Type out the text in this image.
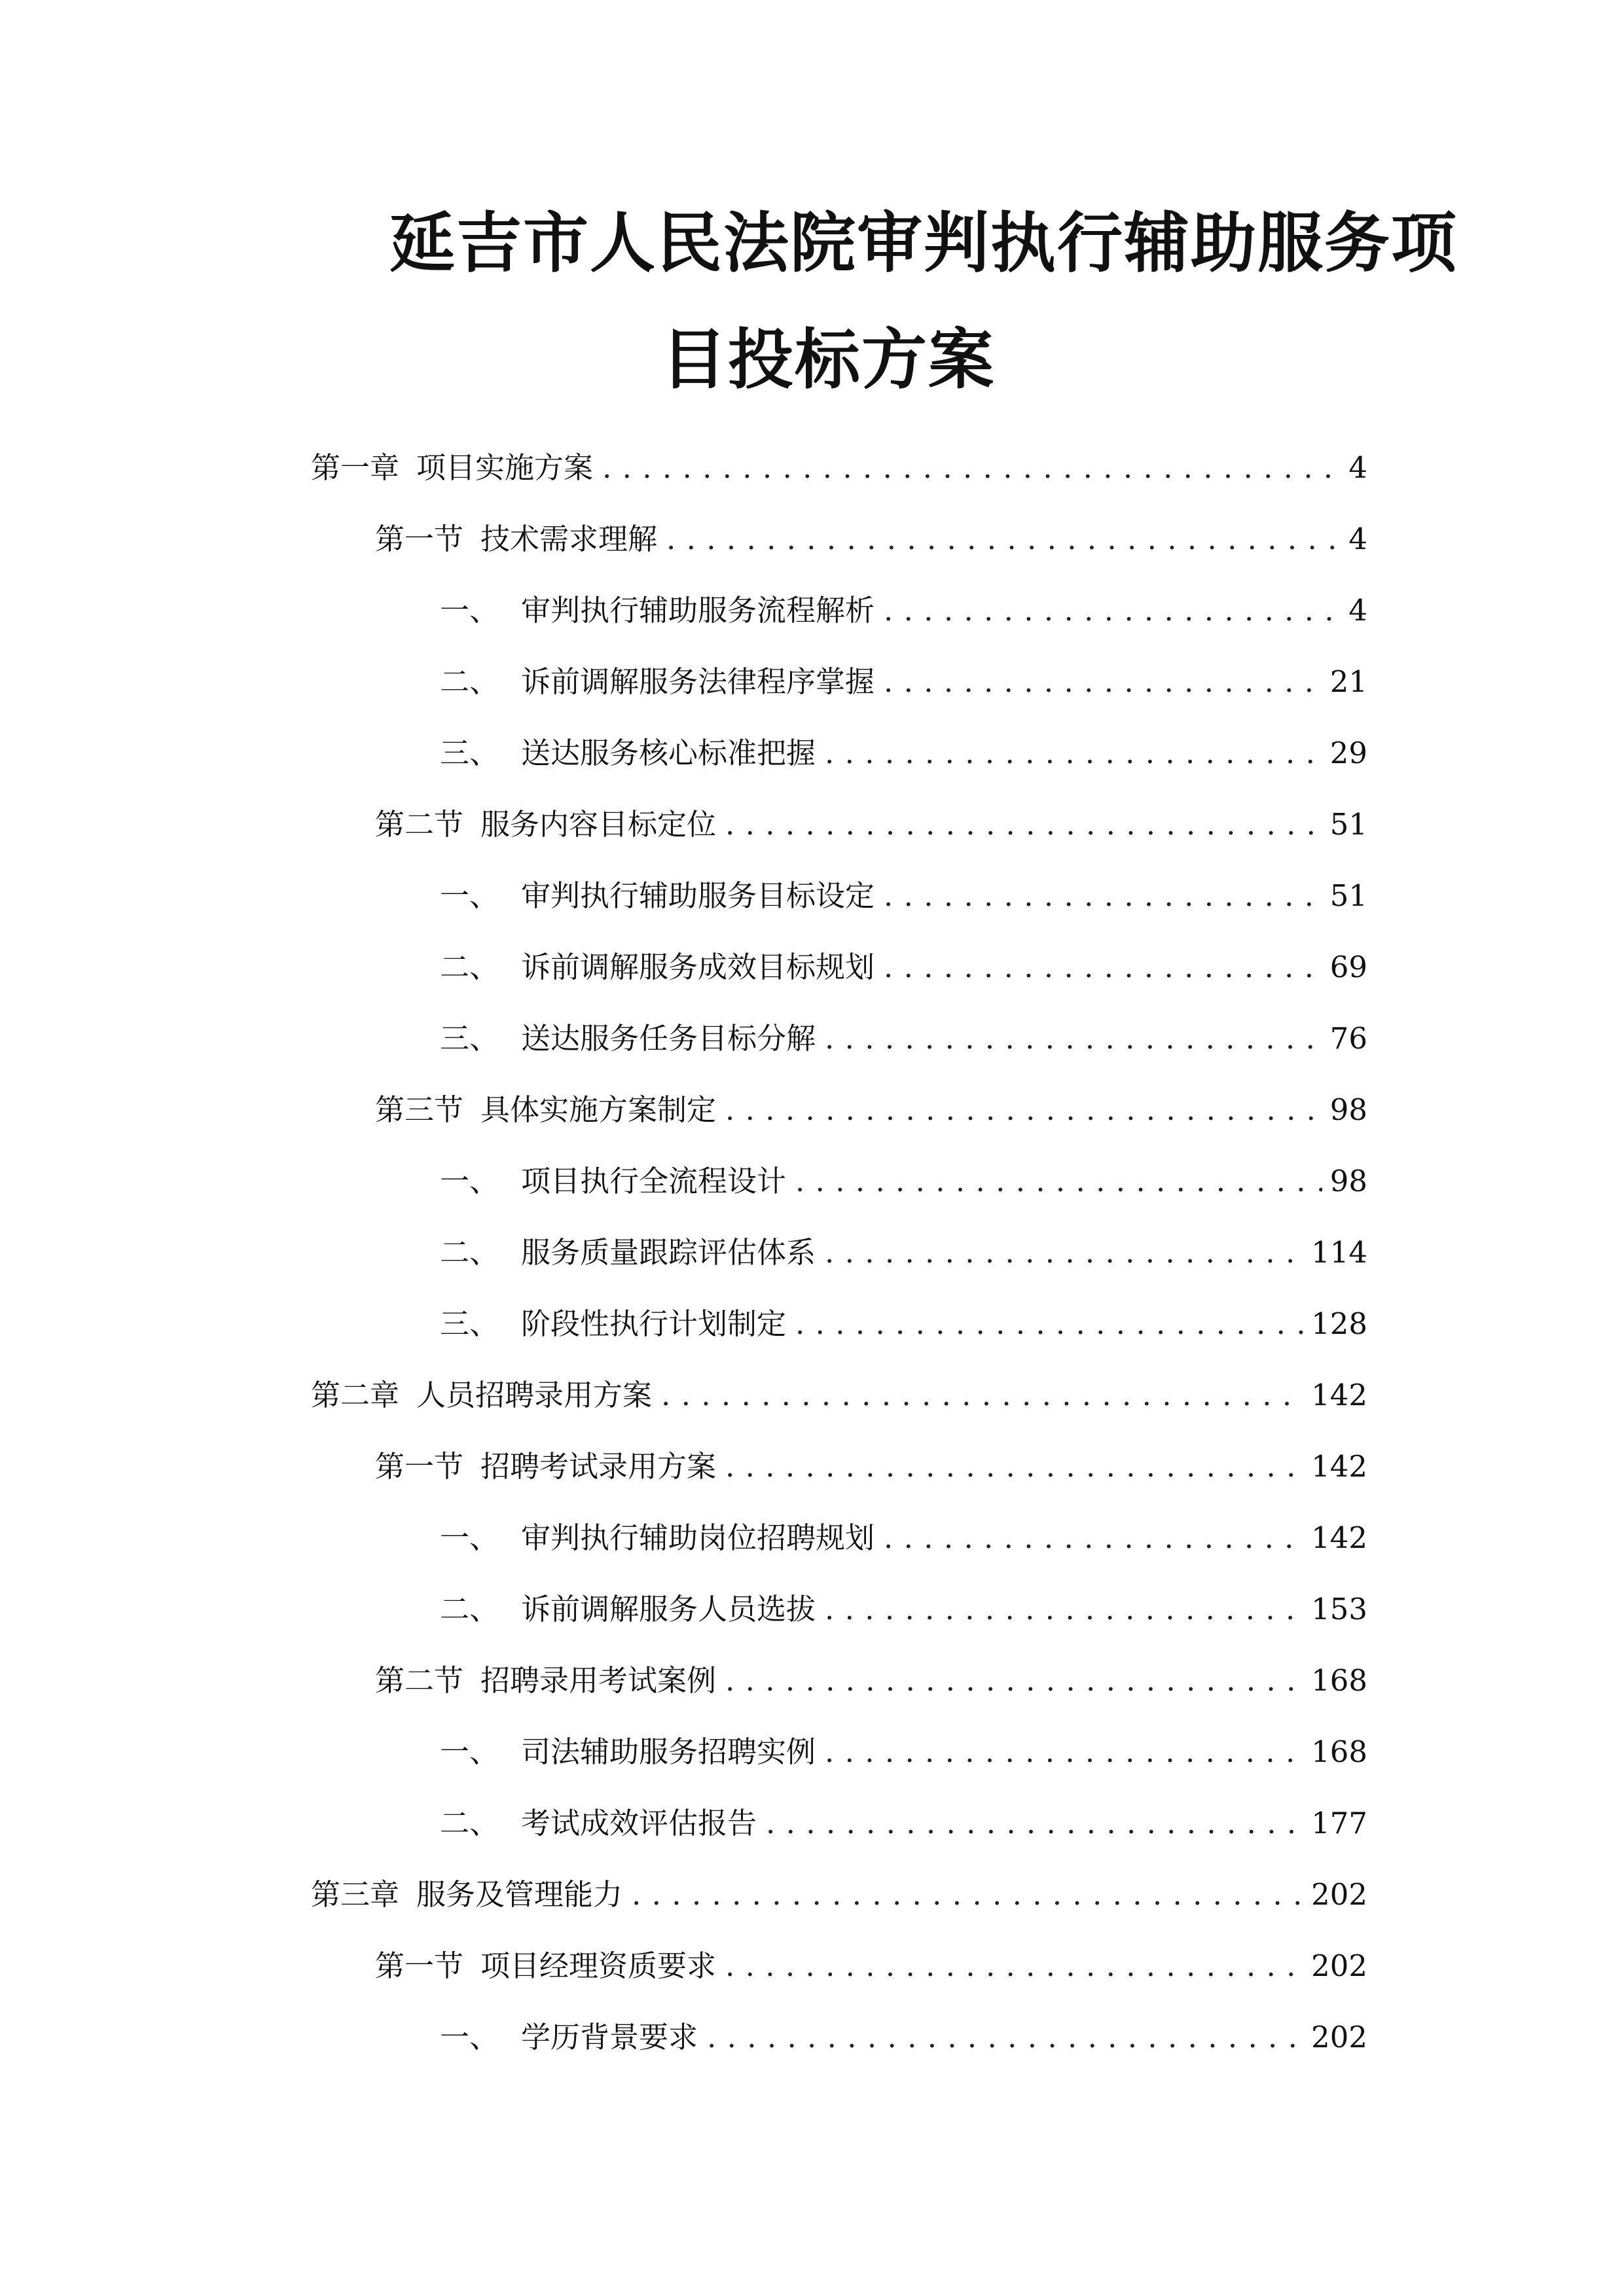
延吉市人民法院审判执行辅助服务项
目投标方案
第一章 项目实施方案 . . .	4
第一节 技术需求理解 . . .	4
一、 审判执行辅助服务流程解析 . . .	4
二、 诉前调解服务法律程序掌握 . . .	21
三、 送达服务核心标准把握 . . .	29
第二节 服务内容目标定位 . . .	51
一、 审判执行辅助服务目标设定 . . .	51
二、 诉前调解服务成效目标规划 . . .	69
三、 送达服务任务目标分解 . . .	76
第三节 具体实施方案制定 . . .	98
一、 项目执行全流程设计 . . .	98
二、 服务质量跟踪评估体系 . . .	114
三、 阶段性执行计划制定 . . .	128
第二章 人员招聘录用方案 . . .	142
第一节 招聘考试录用方案 . . .	142
一、 审判执行辅助岗位招聘规划 . . .	142
二、 诉前调解服务人员选拔 . . .	153
第二节 招聘录用考试案例 . . .	168
一、 司法辅助服务招聘实例 . . .	168
二、 考试成效评估报告 . . .	177
第三章 服务及管理能力 . . .	202
第一节 项目经理资质要求 . . .	202
一、 学历背景要求 . . .	202
